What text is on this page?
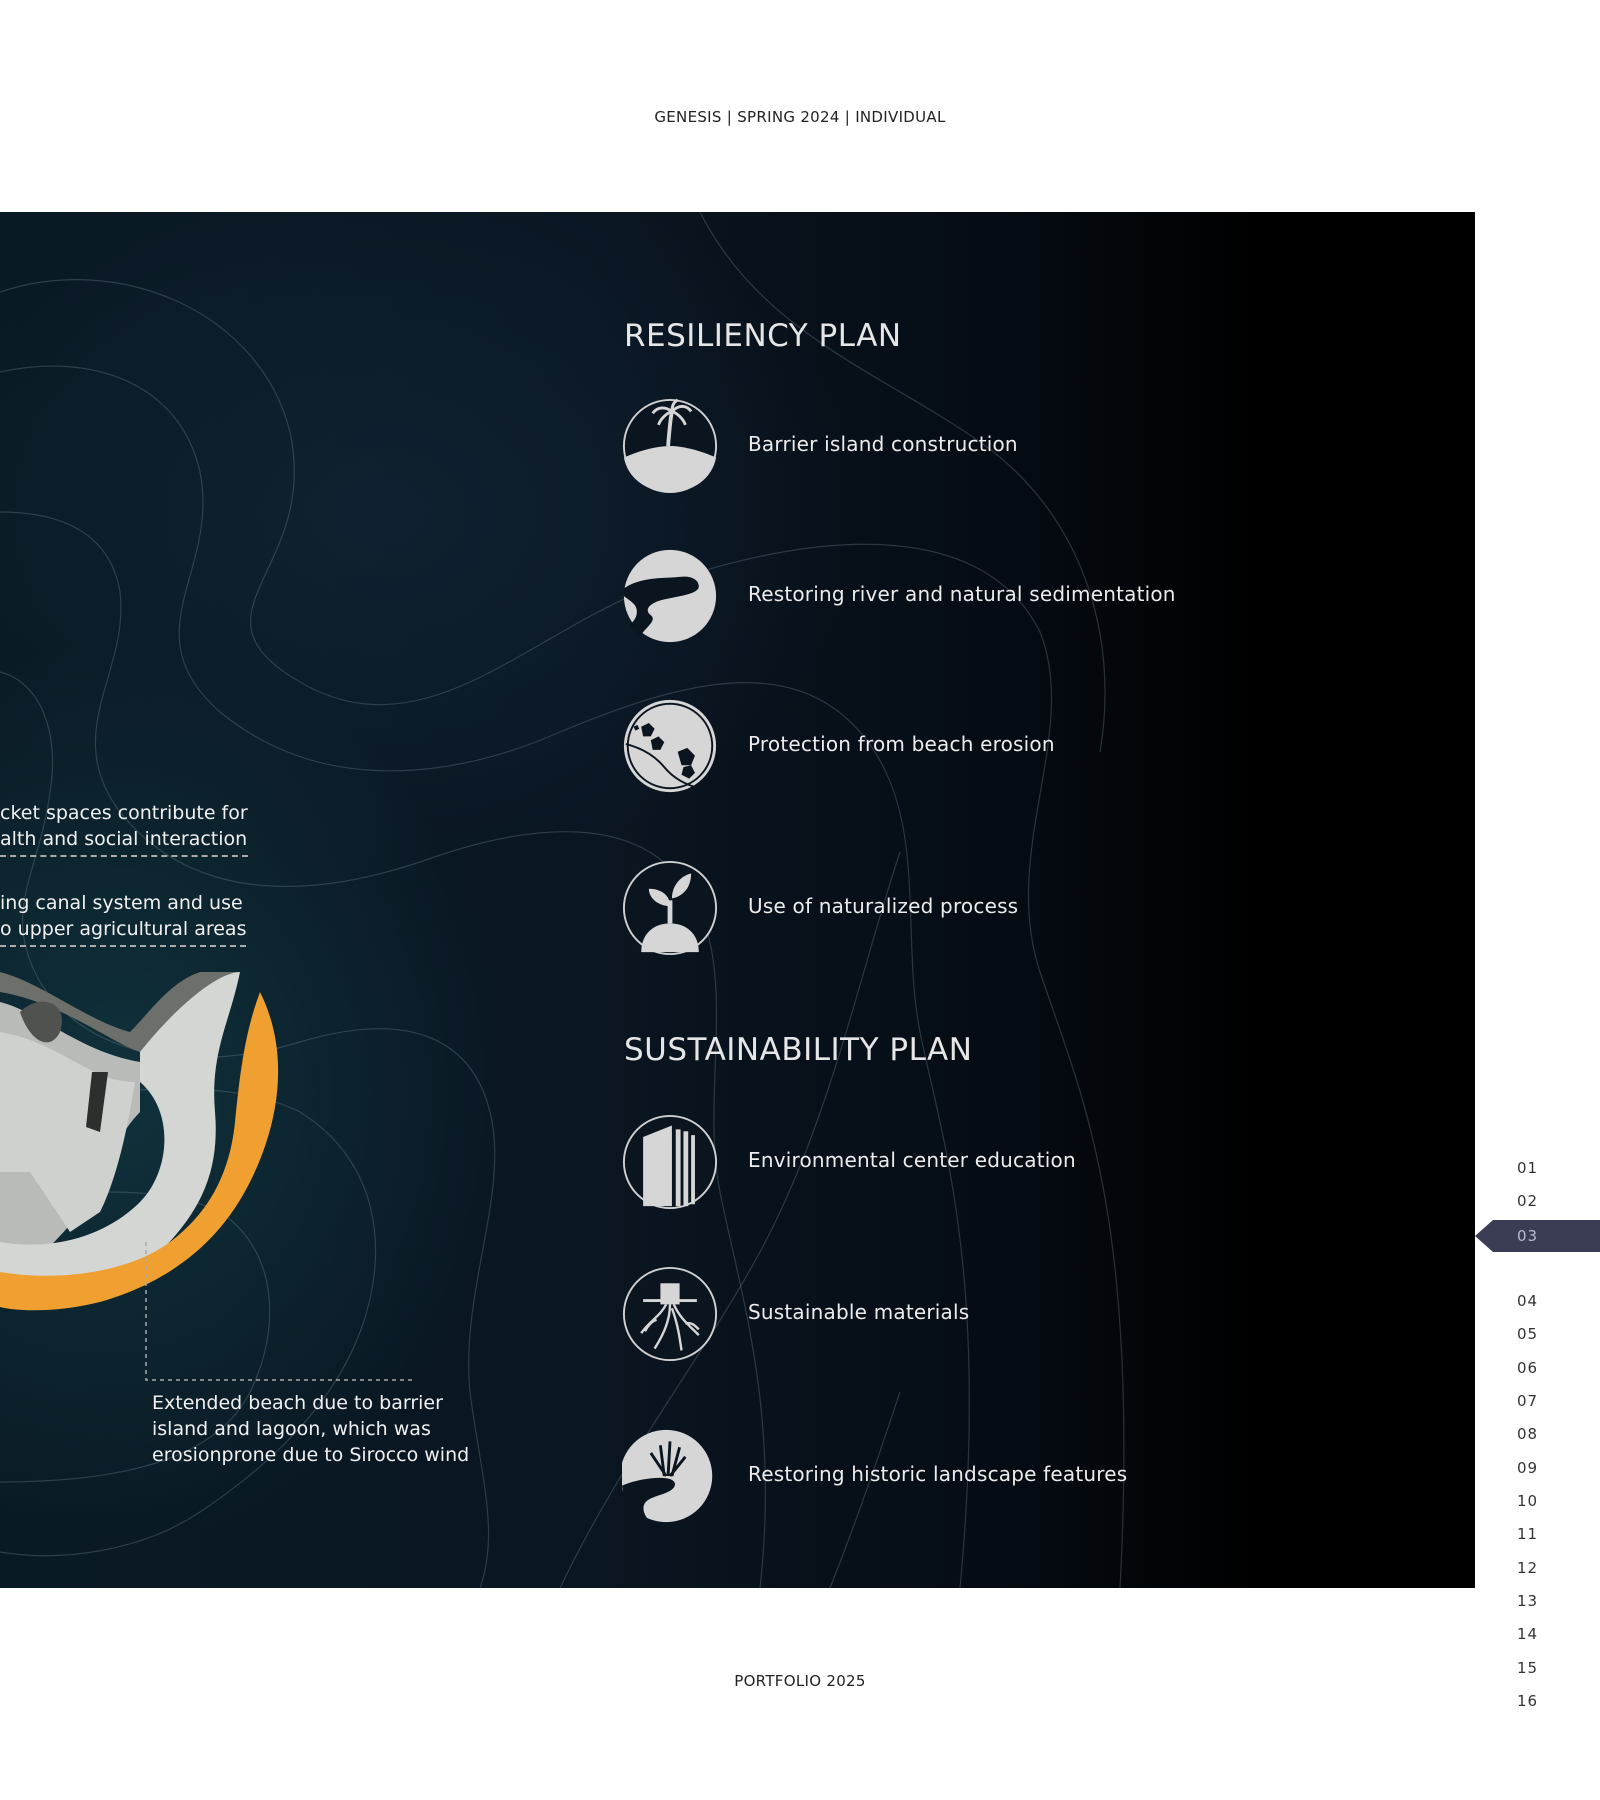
GENESIS | SPRING 2024 | INDIVIDUAL
RESILIENCY PLAN
Barrier island construction
Restoring river and natural sedimentation
Protection from beach erosion
Use of naturalized process
SUSTAINABILITY PLAN
Environmental center education
Sustainable materials
Restoring historic landscape features
cket spaces contribute for
alth and social interaction
ing canal system and use
o upper agricultural areas
Extended beach due to barrier
island and lagoon, which was
erosionprone due to Sirocco wind
01
02
04
05
06
07
08
09
10
11
12
13
14
15
16
03
PORTFOLIO 2025
